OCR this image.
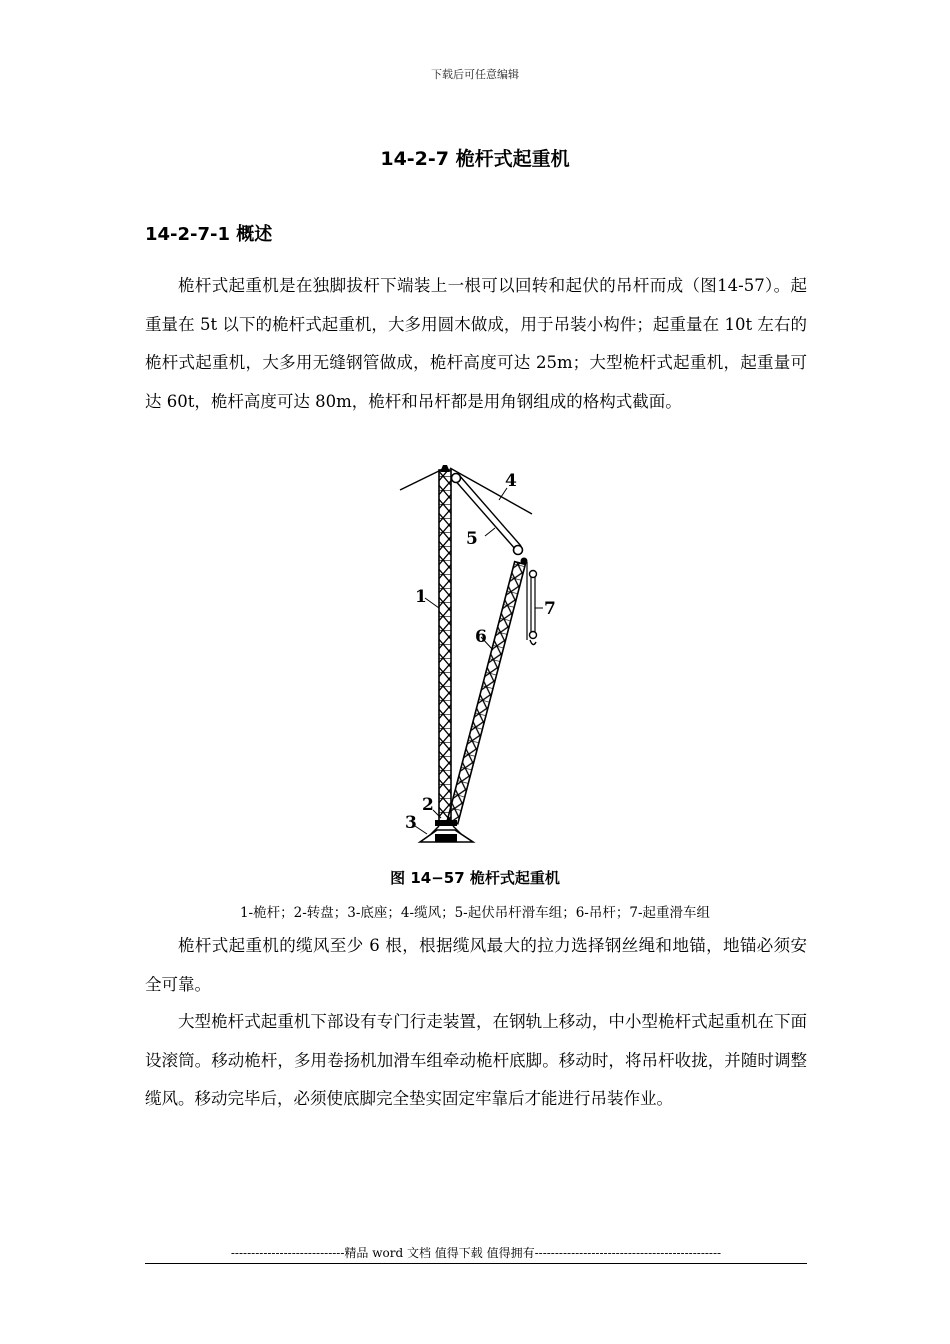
下载后可任意编辑
14-2-7 桅杆式起重机
14-2-7-1 概述

桅杆式起重机是在独脚拔杆下端装上一根可以回转和起伏的吊杆而成（图14-57）。起重量在 5t 以下的桅杆式起重机，大多用圆木做成，用于吊装小构件；起重量在 10t 左右的桅杆式起重机，大多用无缝钢管做成，桅杆高度可达 25m；大型桅杆式起重机，起重量可达 60t，桅杆高度可达 80m，桅杆和吊杆都是用角钢组成的格构式截面。

1
2
3
4
5
6
7
图 14−57 桅杆式起重机
1-桅杆；2-转盘；3-底座；4-缆风；5-起伏吊杆滑车组；6-吊杆；7-起重滑车组

桅杆式起重机的缆风至少 6 根，根据缆风最大的拉力选择钢丝绳和地锚，地锚必须安全可靠。

大型桅杆式起重机下部设有专门行走装置，在钢轨上移动，中小型桅杆式起重机在下面设滚筒。移动桅杆，多用卷扬机加滑车组牵动桅杆底脚。移动时，将吊杆收拢，并随时调整缆风。移动完毕后，必须使底脚完全垫实固定牢靠后才能进行吊装作业。

----------------------------精品 word 文档 值得下载 值得拥有----------------------------------------------
